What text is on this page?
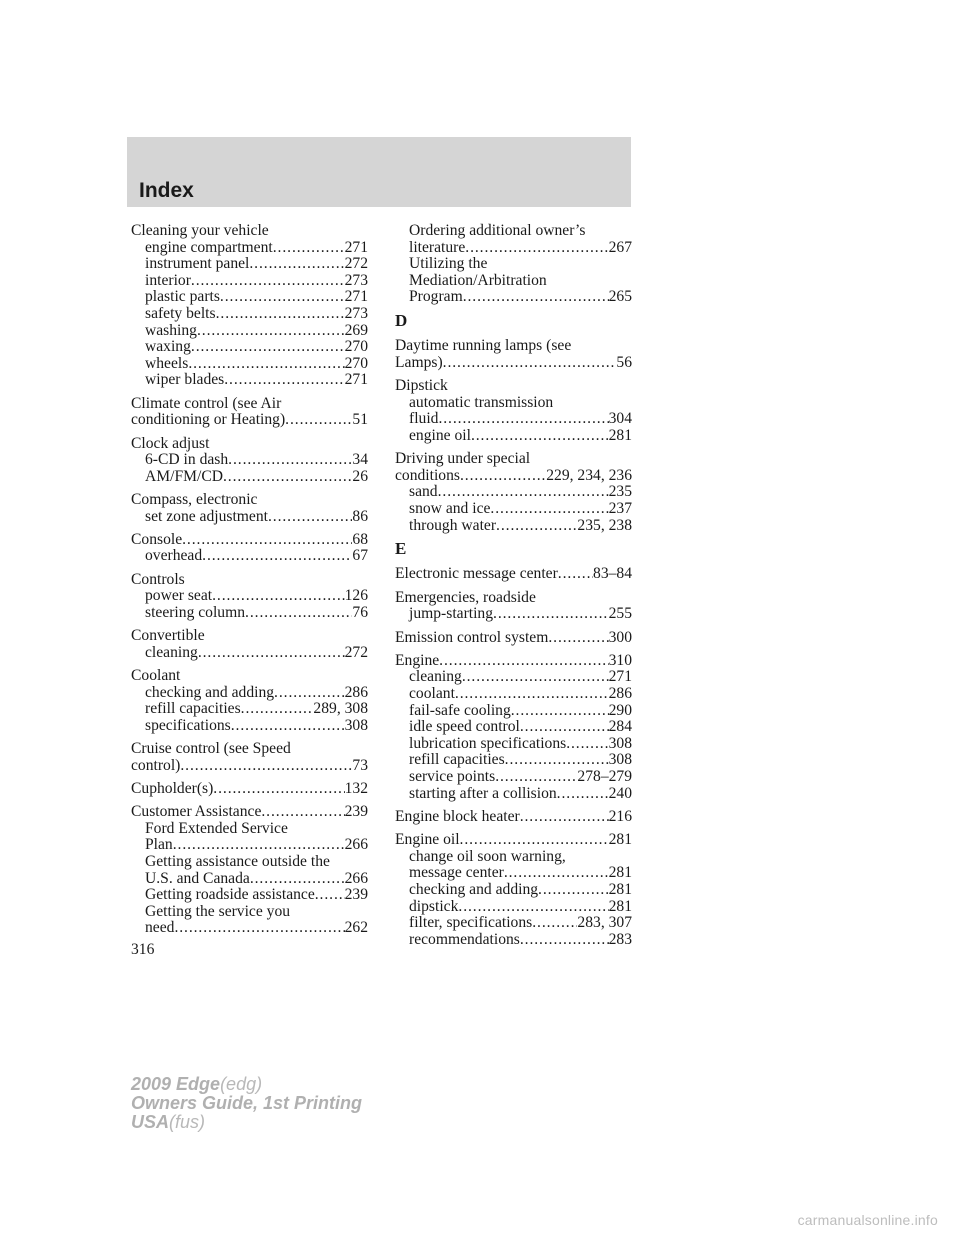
Index
Cleaning your vehicle
engine compartment . . .	271
instrument panel . . .	272
interior . . .	273
plastic parts . . .	271
safety belts . . .	273
washing . . .	269
waxing . . .	270
wheels . . .	270
wiper blades . . .	271
Climate control (see Air
conditioning or Heating) . . .	51
Clock adjust
6-CD in dash . . .	34
AM/FM/CD . . .	26
Compass, electronic
set zone adjustment . . .	86
Console . . .	68
overhead . . .	67
Controls
power seat . . .	126
steering column . . .	76
Convertible
cleaning . . .	272
Coolant
checking and adding . . .	286
refill capacities . . .	289, 308
specifications . . .	308
Cruise control (see Speed
control) . . .	73
Cupholder(s) . . .	132
Customer Assistance . . .	239
Ford Extended Service
Plan . . .	266
Getting assistance outside the
U.S. and Canada . . .	266
Getting roadside assistance . . . 239
Getting the service you
need . . .	262
Ordering additional owner’s
literature . . .	267
Utilizing the
Mediation/Arbitration
Program . . .	265
D
Daytime running lamps (see
Lamps) . . .	56
Dipstick
automatic transmission
fluid . . .	304
engine oil . . .	281
Driving under special
conditions . . .	229, 234, 236
sand . . .	235
snow and ice . . .	237
through water . . .	235, 238
E
Electronic message center . . . 83–84
Emergencies, roadside
jump-starting . . .	255
Emission control system . . .	300
Engine . . .	310
cleaning . . .	271
coolant . . .	286
fail-safe cooling . . .	290
idle speed control . . .	284
lubrication specifications . . .	308
refill capacities . . .	308
service points . . .	278–279
starting after a collision . . .	240
Engine block heater . . .	216
Engine oil . . .	281
change oil soon warning,
message center . . .	281
checking and adding . . .	281
dipstick . . .	281
filter, specifications . . .	283, 307
recommendations . . .	283
316
2009 Edge(edg)
Owners Guide, 1st Printing
USA(fus)
carmanualsonline.info
